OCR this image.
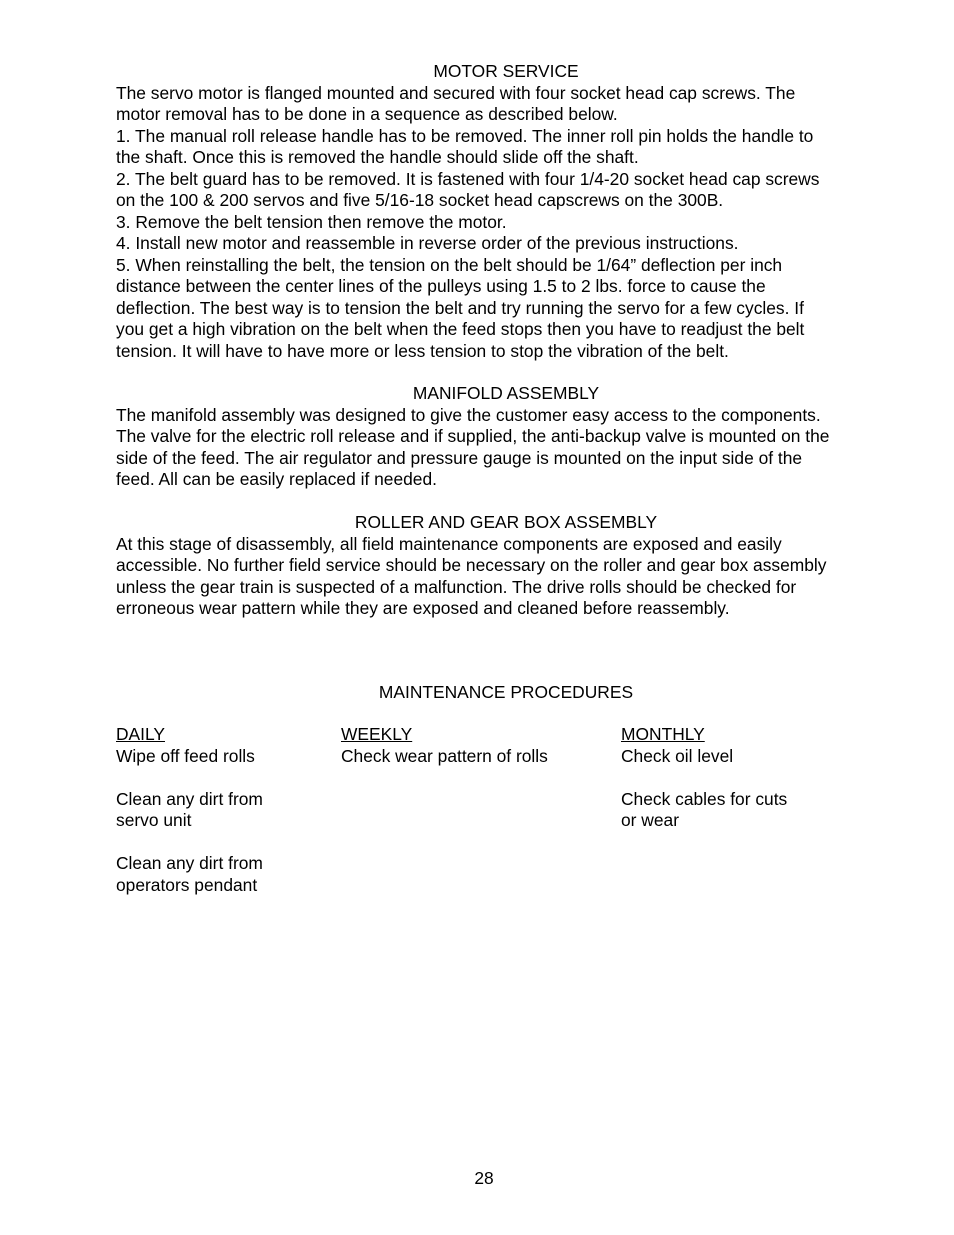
MOTOR SERVICE

The servo motor is flanged mounted and secured with four socket head cap screws. The

motor removal has to be done in a sequence as described below.

1. The manual roll release handle has to be removed. The inner roll pin holds the handle to

the shaft. Once this is removed the handle should slide off the shaft.

2. The belt guard has to be removed. It is fastened with four 1/4-20 socket head cap screws

on the 100 & 200 servos and five 5/16-18 socket head capscrews on the 300B.

3. Remove the belt tension then remove the motor.

4. Install new motor and reassemble in reverse order of the previous instructions.

5. When reinstalling the belt, the tension on the belt should be 1/64” deflection per inch

distance between the center lines of the pulleys using 1.5 to 2 lbs. force to cause the

deflection. The best way is to tension the belt and try running the servo for a few cycles. If

you get a high vibration on the belt when the feed stops then you have to readjust the belt

tension. It will have to have more or less tension to stop the vibration of the belt.

MANIFOLD ASSEMBLY

The manifold assembly was designed to give the customer easy access to the components.

The valve for the electric roll release and if supplied, the anti-backup valve is mounted on the

side of the feed. The air regulator and pressure gauge is mounted on the input side of the

feed. All can be easily replaced if needed.

ROLLER AND GEAR BOX ASSEMBLY

At this stage of disassembly, all field maintenance components are exposed and easily

accessible. No further field service should be necessary on the roller and gear box assembly

unless the gear train is suspected of a malfunction. The drive rolls should be checked for

erroneous wear pattern while they are exposed and cleaned before reassembly.

MAINTENANCE PROCEDURES

DAILY

Wipe off feed rolls
Clean any dirt from
servo unit
Clean any dirt from
operators pendant

WEEKLY

Check wear pattern of rolls

MONTHLY

Check oil level
Check cables for cuts
or wear

28
